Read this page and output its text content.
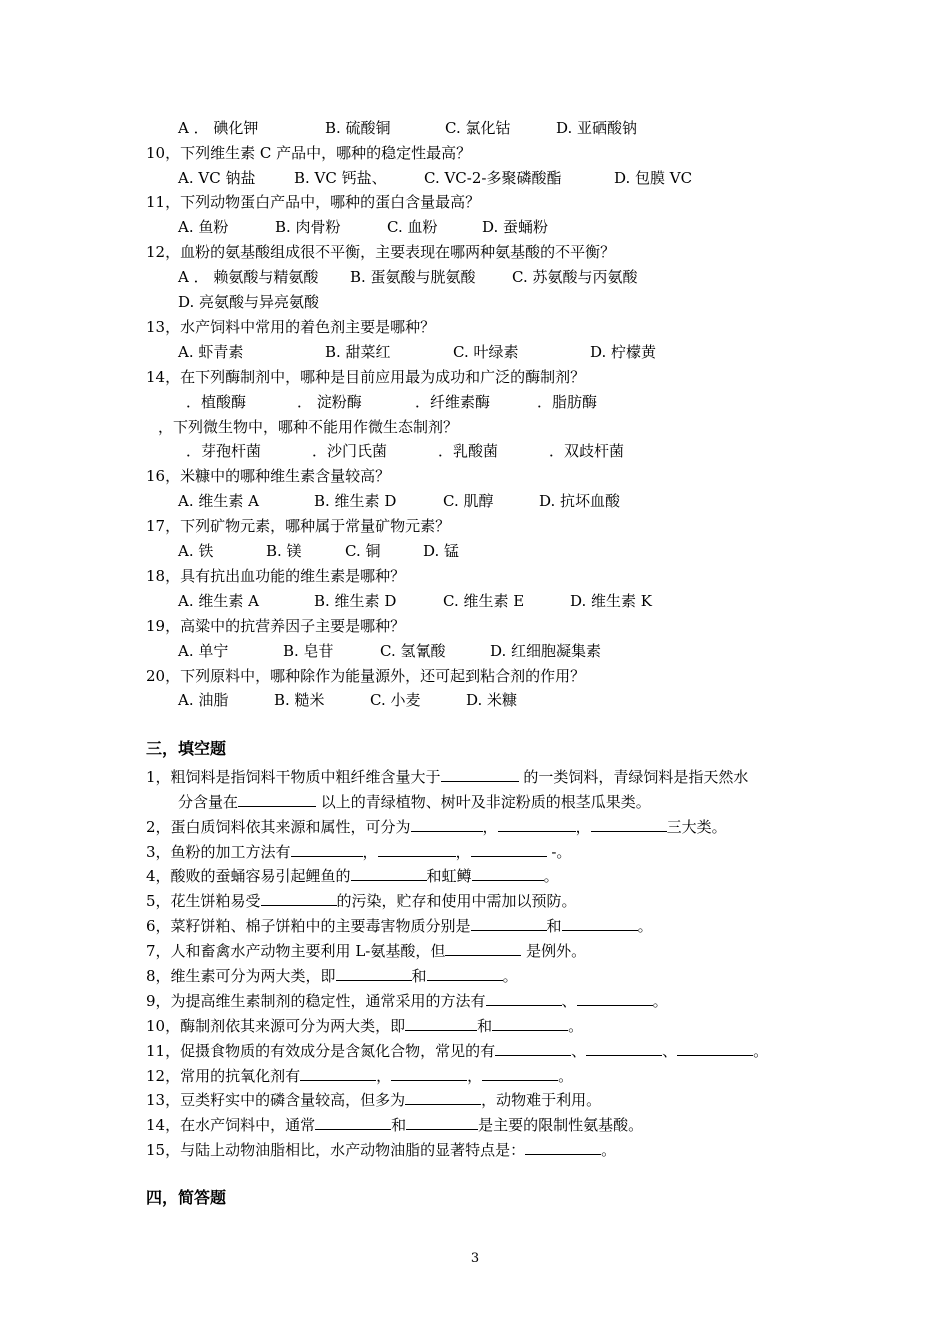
A ． 碘化钾	B. 硫酸铜	C. 氯化钴	D. 亚硒酸钠
10，下列维生素 C 产品中，哪种的稳定性最高？
A. VC 钠盐	B. VC 钙盐、 C. VC-2-多聚磷酸酯	D. 包膜 VC
11，下列动物蛋白产品中，哪种的蛋白含量最高？
A. 鱼粉	B. 肉骨粉	C. 血粉	D. 蚕蛹粉
12，血粉的氨基酸组成很不平衡，主要表现在哪两种氨基酸的不平衡？
A ． 赖氨酸与精氨酸 B. 蛋氨酸与胱氨酸 C. 苏氨酸与丙氨酸
D. 亮氨酸与异亮氨酸
13，水产饲料中常用的着色剂主要是哪种？
A. 虾青素	B. 甜菜红	C. 叶绿素	D. 柠檬黄
14，在下列酶制剂中，哪种是目前应用最为成功和广泛的酶制剂？
．植酸酶	． 淀粉酶	．纤维素酶	．脂肪酶
，下列微生物中，哪种不能用作微生态制剂？
．芽孢杆菌	．沙门氏菌	．乳酸菌	．双歧杆菌
16，米糠中的哪种维生素含量较高？
A. 维生素 A	B. 维生素 D	C. 肌醇	D. 抗坏血酸
17，下列矿物元素，哪种属于常量矿物元素？
A. 铁	B. 镁	C. 铜	D. 锰
18，具有抗出血功能的维生素是哪种？
A. 维生素 A	B. 维生素 D	C. 维生素 E	D. 维生素 K
19，高粱中的抗营养因子主要是哪种？
A. 单宁	B. 皂苷	C. 氢氰酸	D. 红细胞凝集素
20，下列原料中，哪种除作为能量源外，还可起到粘合剂的作用？
A. 油脂	B. 糙米	C. 小麦	D. 米糠
三，填空题
1，粗饲料是指饲料干物质中粗纤维含量大于	的一类饲料，青绿饲料是指天然水
分含量在	以上的青绿植物、树叶及非淀粉质的根茎瓜果类。
2，蛋白质饲料依其来源和属性，可分为	，	，	三大类。
3，鱼粉的加工方法有	，	，	-。
4，酸败的蚕蛹容易引起鲤鱼的	和虹鳟	。
5，花生饼粕易受	的污染，贮存和使用中需加以预防。
6，菜籽饼粕、棉子饼粕中的主要毒害物质分别是	和	。
7，人和畜禽水产动物主要利用 L-氨基酸，但	是例外。
8，维生素可分为两大类，即	和	。
9，为提高维生素制剂的稳定性，通常采用的方法有	、	。
10，酶制剂依其来源可分为两大类，即	和	。
11，促摄食物质的有效成分是含氮化合物，常见的有	、	、	。
12，常用的抗氧化剂有	，	，	。
13，豆类籽实中的磷含量较高，但多为	，动物难于利用。
14，在水产饲料中，通常	和	是主要的限制性氨基酸。
15，与陆上动物油脂相比，水产动物油脂的显著特点是：	。
四，简答题
3
